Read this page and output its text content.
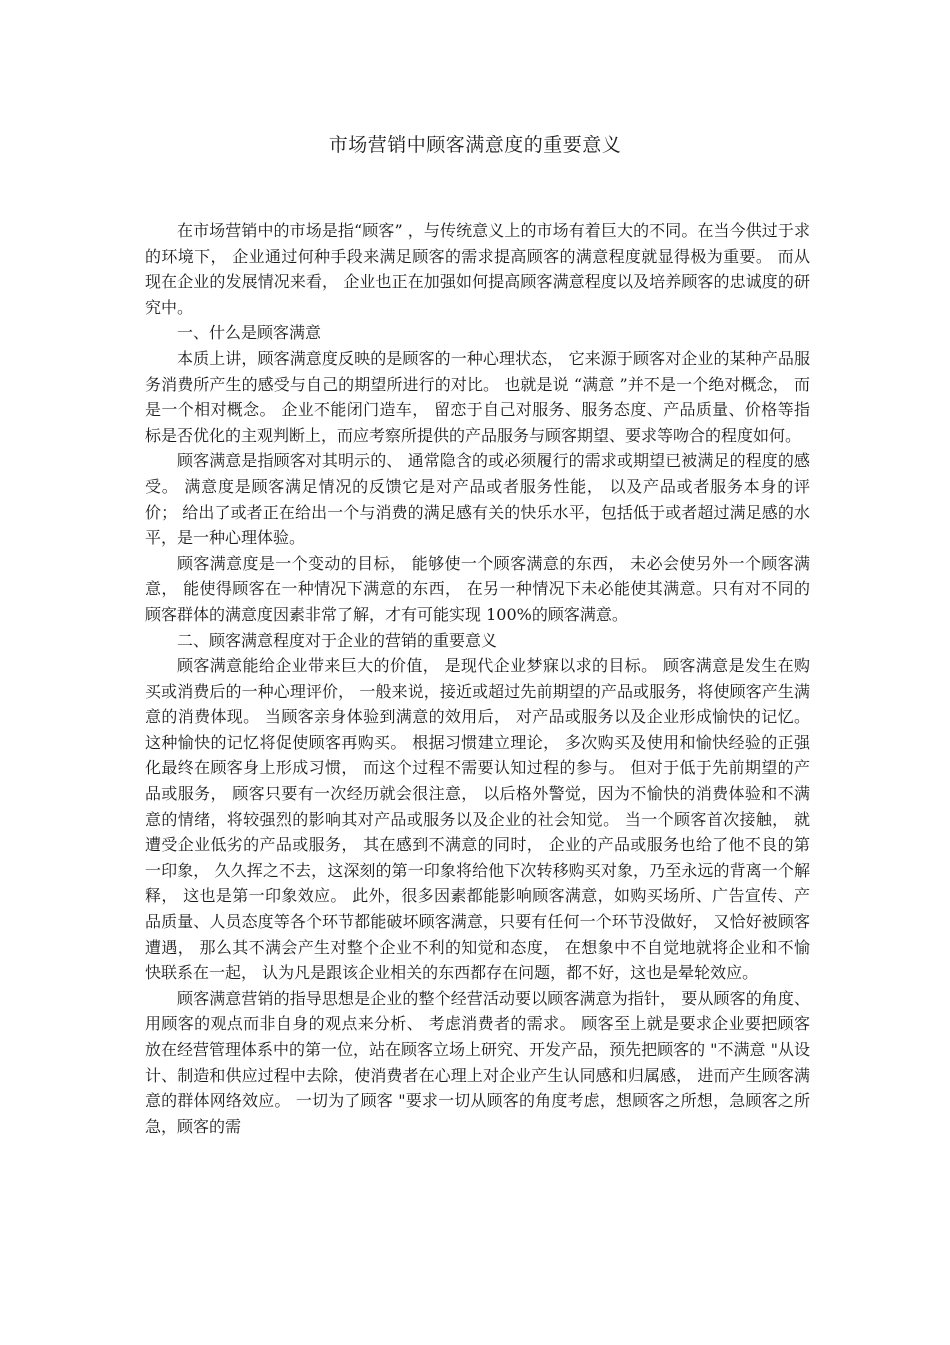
市场营销中顾客满意度的重要意义

在市场营销中的市场是指“顾客” ，与传统意义上的市场有着巨大的不同。在当今供过于求的环境下， 企业通过何种手段来满足顾客的需求提高顾客的满意程度就显得极为重要。 而从现在企业的发展情况来看， 企业也正在加强如何提高顾客满意程度以及培养顾客的忠诚度的研究中。

一、什么是顾客满意

本质上讲，顾客满意度反映的是顾客的一种心理状态， 它来源于顾客对企业的某种产品服务消费所产生的感受与自己的期望所进行的对比。 也就是说 “满意 ”并不是一个绝对概念， 而是一个相对概念。 企业不能闭门造车， 留恋于自己对服务、服务态度、产品质量、价格等指标是否优化的主观判断上，而应考察所提供的产品服务与顾客期望、要求等吻合的程度如何。

顾客满意是指顾客对其明示的、 通常隐含的或必须履行的需求或期望已被满足的程度的感受。 满意度是顾客满足情况的反馈它是对产品或者服务性能， 以及产品或者服务本身的评价； 给出了或者正在给出一个与消费的满足感有关的快乐水平，包括低于或者超过满足感的水平，是一种心理体验。

顾客满意度是一个变动的目标， 能够使一个顾客满意的东西， 未必会使另外一个顾客满意， 能使得顾客在一种情况下满意的东西， 在另一种情况下未必能使其满意。只有对不同的顾客群体的满意度因素非常了解，才有可能实现 100%的顾客满意。

二、顾客满意程度对于企业的营销的重要意义

顾客满意能给企业带来巨大的价值， 是现代企业梦寐以求的目标。 顾客满意是发生在购买或消费后的一种心理评价， 一般来说，接近或超过先前期望的产品或服务，将使顾客产生满意的消费体现。 当顾客亲身体验到满意的效用后， 对产品或服务以及企业形成愉快的记忆。 这种愉快的记忆将促使顾客再购买。 根据习惯建立理论， 多次购买及使用和愉快经验的正强化最终在顾客身上形成习惯， 而这个过程不需要认知过程的参与。 但对于低于先前期望的产品或服务， 顾客只要有一次经历就会很注意， 以后格外警觉，因为不愉快的消费体验和不满意的情绪，将较强烈的影响其对产品或服务以及企业的社会知觉。 当一个顾客首次接触， 就遭受企业低劣的产品或服务， 其在感到不满意的同时， 企业的产品或服务也给了他不良的第一印象， 久久挥之不去，这深刻的第一印象将给他下次转移购买对象，乃至永远的背离一个解释， 这也是第一印象效应。 此外，很多因素都能影响顾客满意，如购买场所、广告宣传、产品质量、人员态度等各个环节都能破坏顾客满意，只要有任何一个环节没做好， 又恰好被顾客遭遇， 那么其不满会产生对整个企业不利的知觉和态度， 在想象中不自觉地就将企业和不愉快联系在一起， 认为凡是跟该企业相关的东西都存在问题，都不好，这也是晕轮效应。

顾客满意营销的指导思想是企业的整个经营活动要以顾客满意为指针， 要从顾客的角度、 用顾客的观点而非自身的观点来分析、 考虑消费者的需求。 顾客至上就是要求企业要把顾客放在经营管理体系中的第一位，站在顾客立场上研究、开发产品，预先把顾客的 "不满意 "从设计、制造和供应过程中去除，使消费者在心理上对企业产生认同感和归属感， 进而产生顾客满意的群体网络效应。 一切为了顾客 "要求一切从顾客的角度考虑，想顾客之所想，急顾客之所急，顾客的需
